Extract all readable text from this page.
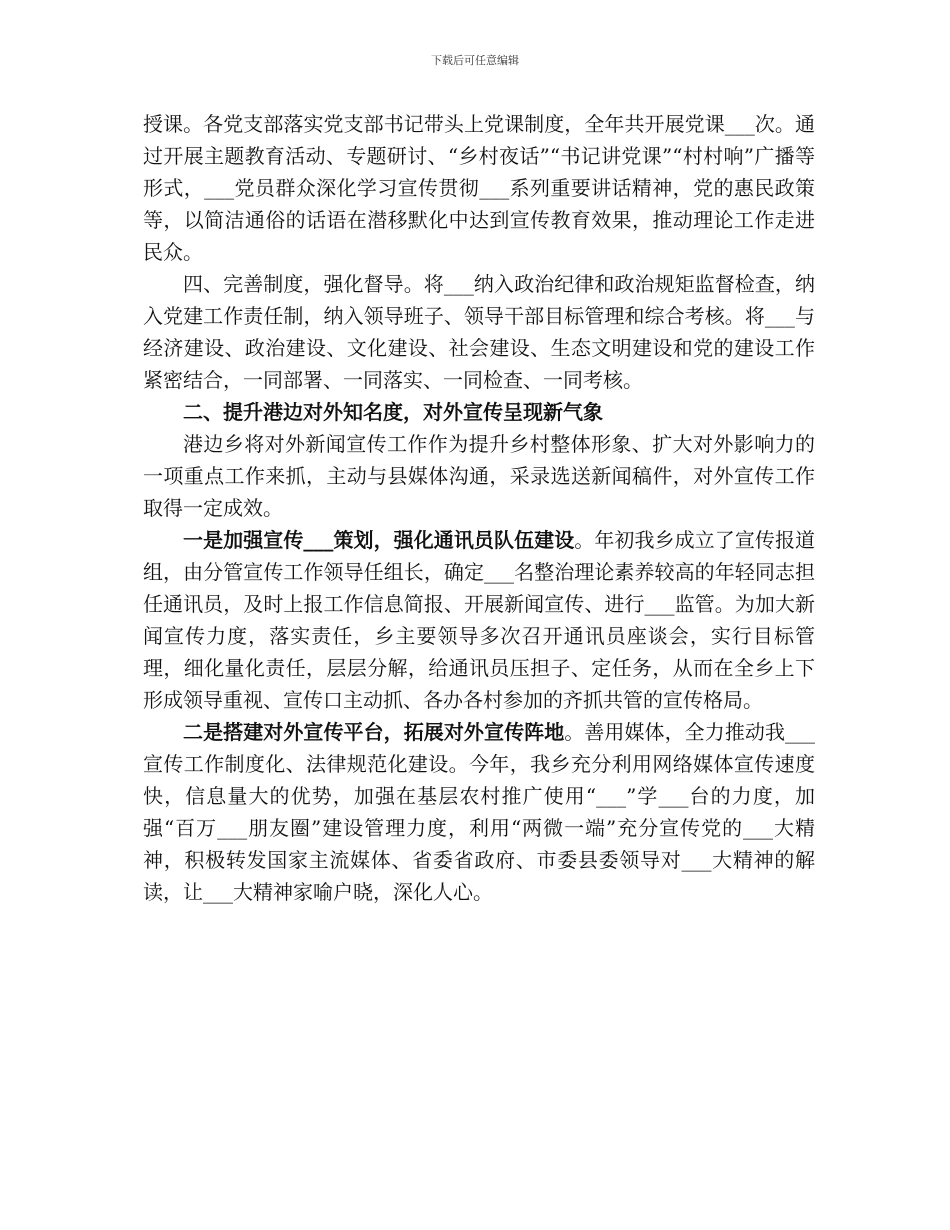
下载后可任意编辑

授课。各党支部落实党支部书记带头上党课制度，全年共开展党课___次。通过开展主题教育活动、专题研讨、“乡村夜话”“书记讲党课”“村村响”广播等形式，___党员群众深化学习宣传贯彻___系列重要讲话精神，党的惠民政策等，以简洁通俗的话语在潜移默化中达到宣传教育效果，推动理论工作走进民众。

四、完善制度，强化督导。将___纳入政治纪律和政治规矩监督检查，纳入党建工作责任制，纳入领导班子、领导干部目标管理和综合考核。将___与经济建设、政治建设、文化建设、社会建设、生态文明建设和党的建设工作紧密结合，一同部署、一同落实、一同检查、一同考核。

二、提升港边对外知名度，对外宣传呈现新气象

港边乡将对外新闻宣传工作作为提升乡村整体形象、扩大对外影响力的一项重点工作来抓，主动与县媒体沟通，采录选送新闻稿件，对外宣传工作取得一定成效。

一是加强宣传___策划，强化通讯员队伍建设。年初我乡成立了宣传报道组，由分管宣传工作领导任组长，确定___名整治理论素养较高的年轻同志担任通讯员，及时上报工作信息简报、开展新闻宣传、进行___监管。为加大新闻宣传力度，落实责任，乡主要领导多次召开通讯员座谈会，实行目标管理，细化量化责任，层层分解，给通讯员压担子、定任务，从而在全乡上下形成领导重视、宣传口主动抓、各办各村参加的齐抓共管的宣传格局。

二是搭建对外宣传平台，拓展对外宣传阵地。善用媒体，全力推动我___宣传工作制度化、法律规范化建设。今年，我乡充分利用网络媒体宣传速度快，信息量大的优势，加强在基层农村推广使用“___”学___台的力度，加强“百万___朋友圈”建设管理力度，利用“两微一端”充分宣传党的___大精神，积极转发国家主流媒体、省委省政府、市委县委领导对___大精神的解读，让___大精神家喻户晓，深化人心。
